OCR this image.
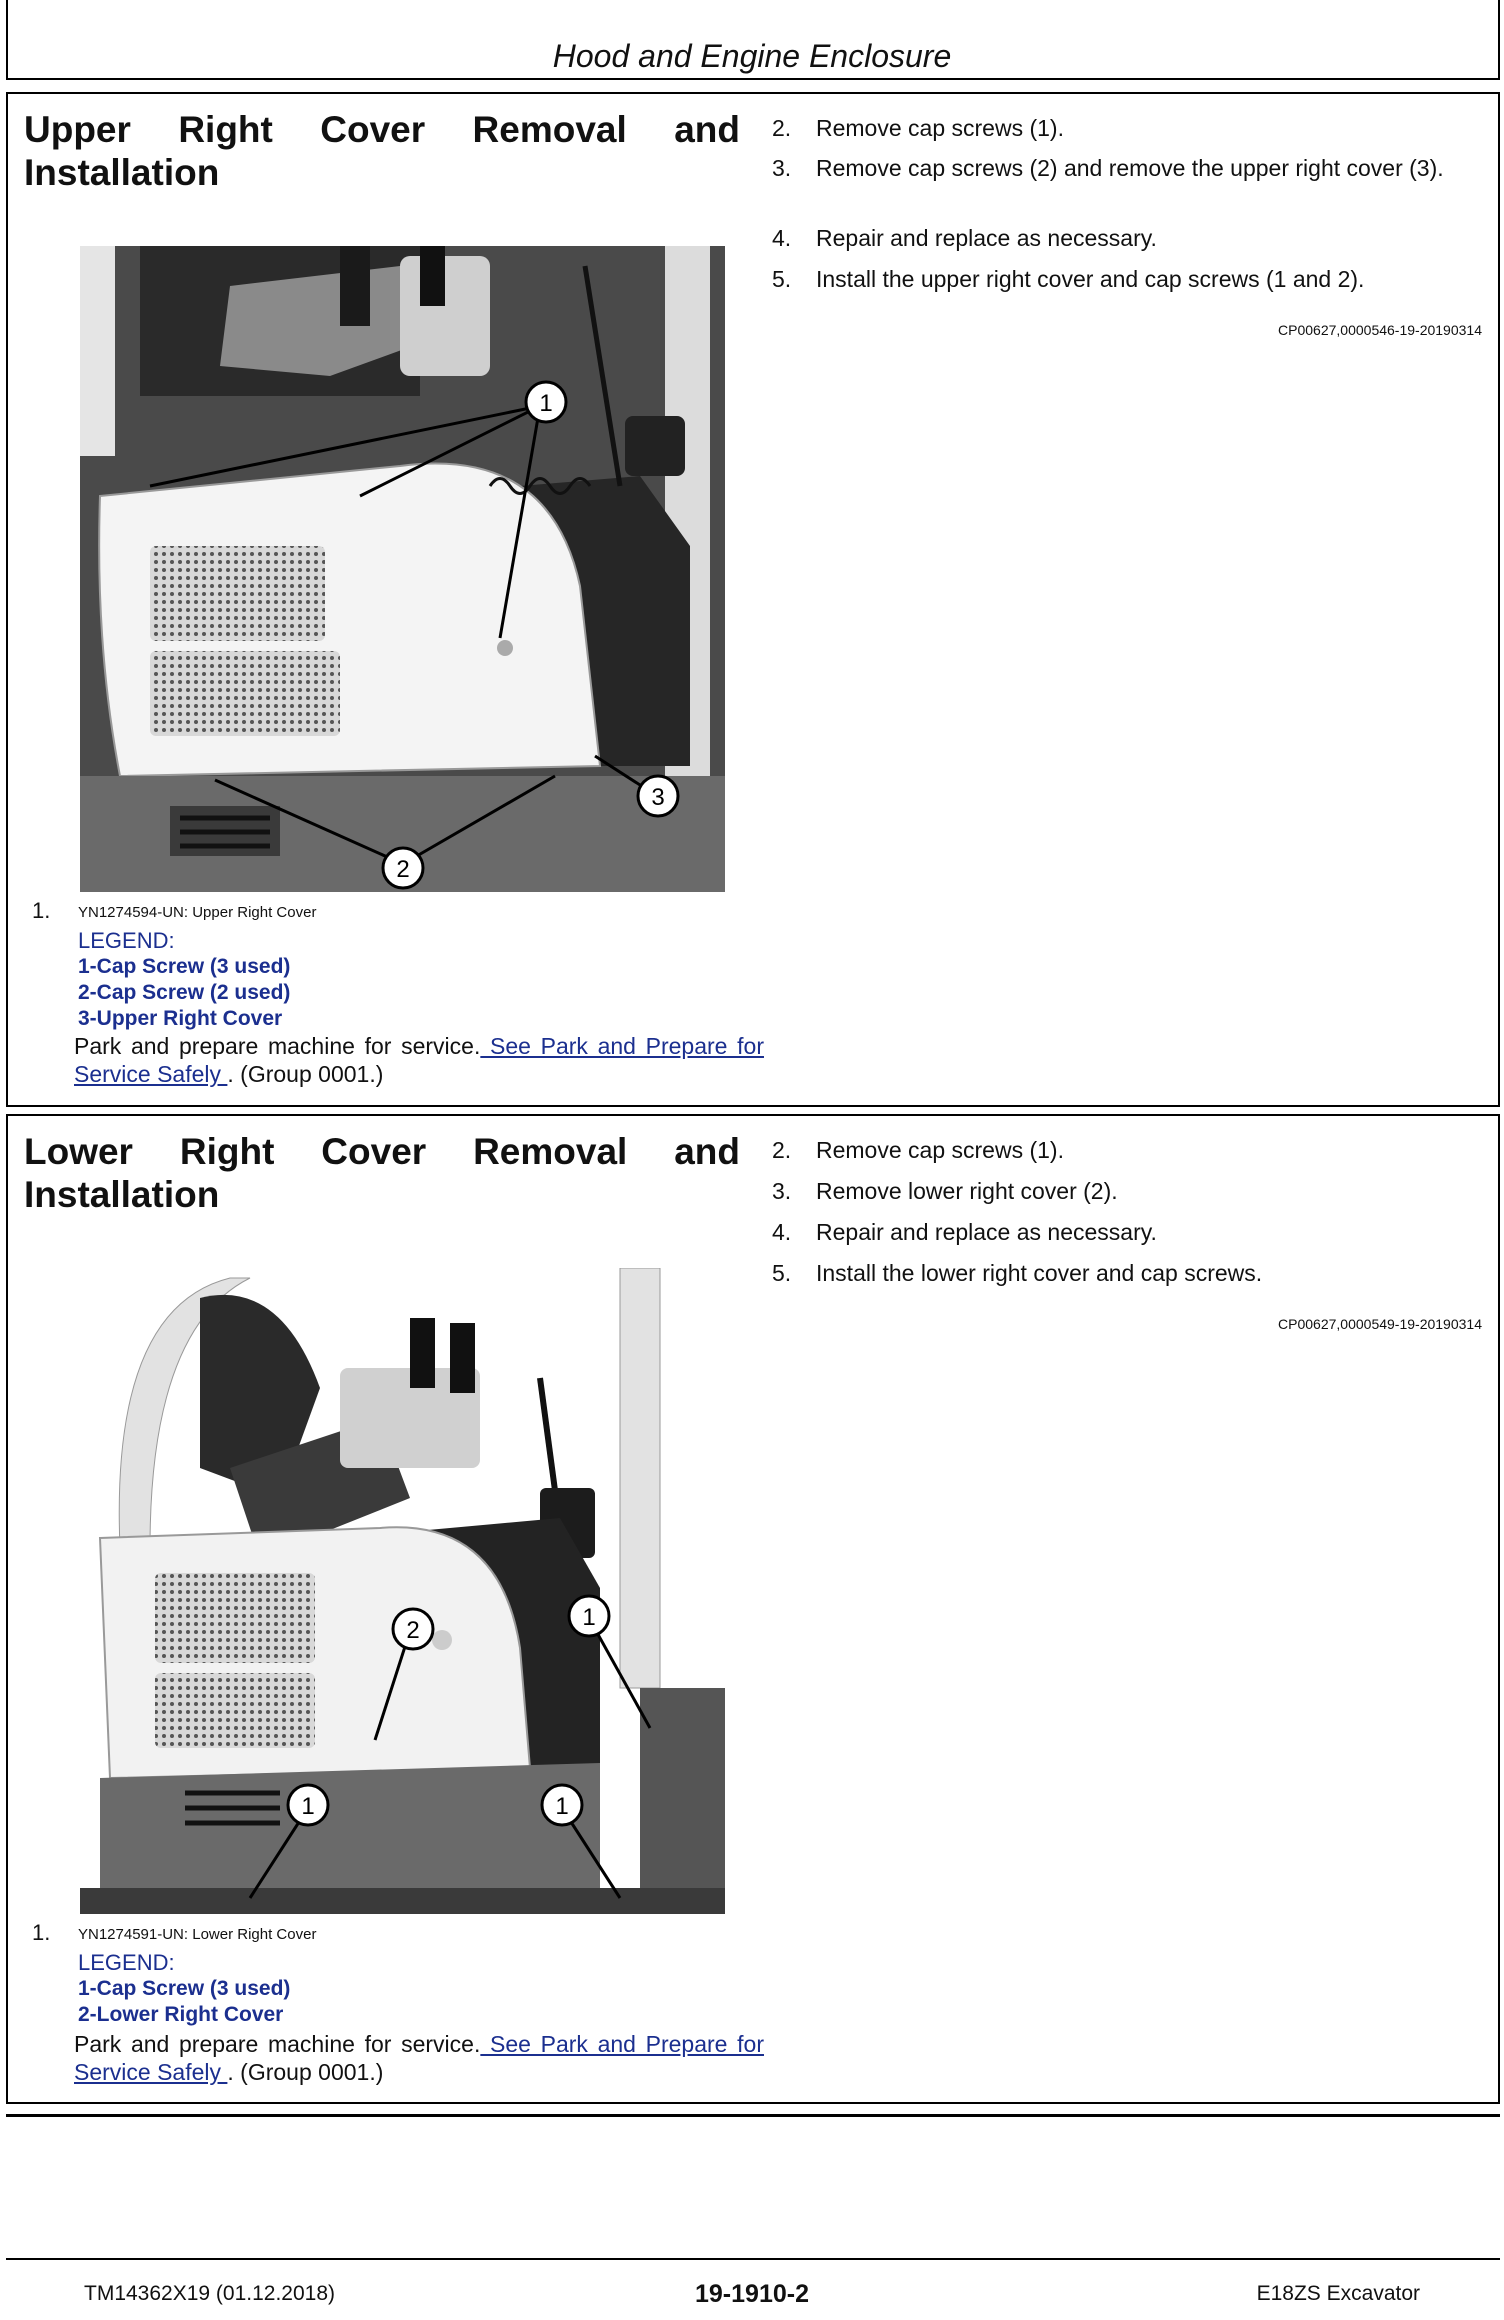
Hood and Engine Enclosure
Upper Right Cover Removal and
Installation
1
2
3
1. YN1274594-UN: Upper Right Cover
LEGEND:
1-Cap Screw (3 used)
2-Cap Screw (2 used)
3-Upper Right Cover
Park and prepare machine for service. See Park and Prepare for Service Safely . (Group 0001.)
2.	Remove cap screws (1).
3.	Remove cap screws (2) and remove the upper right cover (3).
4.	Repair and replace as necessary.
5.	Install the upper right cover and cap screws (1 and 2).
CP00627,0000546-19-20190314
Lower Right Cover Removal and
Installation
1
2
1	1
1. YN1274591-UN: Lower Right Cover
LEGEND:
1-Cap Screw (3 used)
2-Lower Right Cover
Park and prepare machine for service. See Park and Prepare for Service Safely . (Group 0001.)
2.	Remove cap screws (1).
3.	Remove lower right cover (2).
4.	Repair and replace as necessary.
5.	Install the lower right cover and cap screws.
CP00627,0000549-19-20190314
TM14362X19 (01.12.2018)	19-1910-2	E18ZS Excavator
